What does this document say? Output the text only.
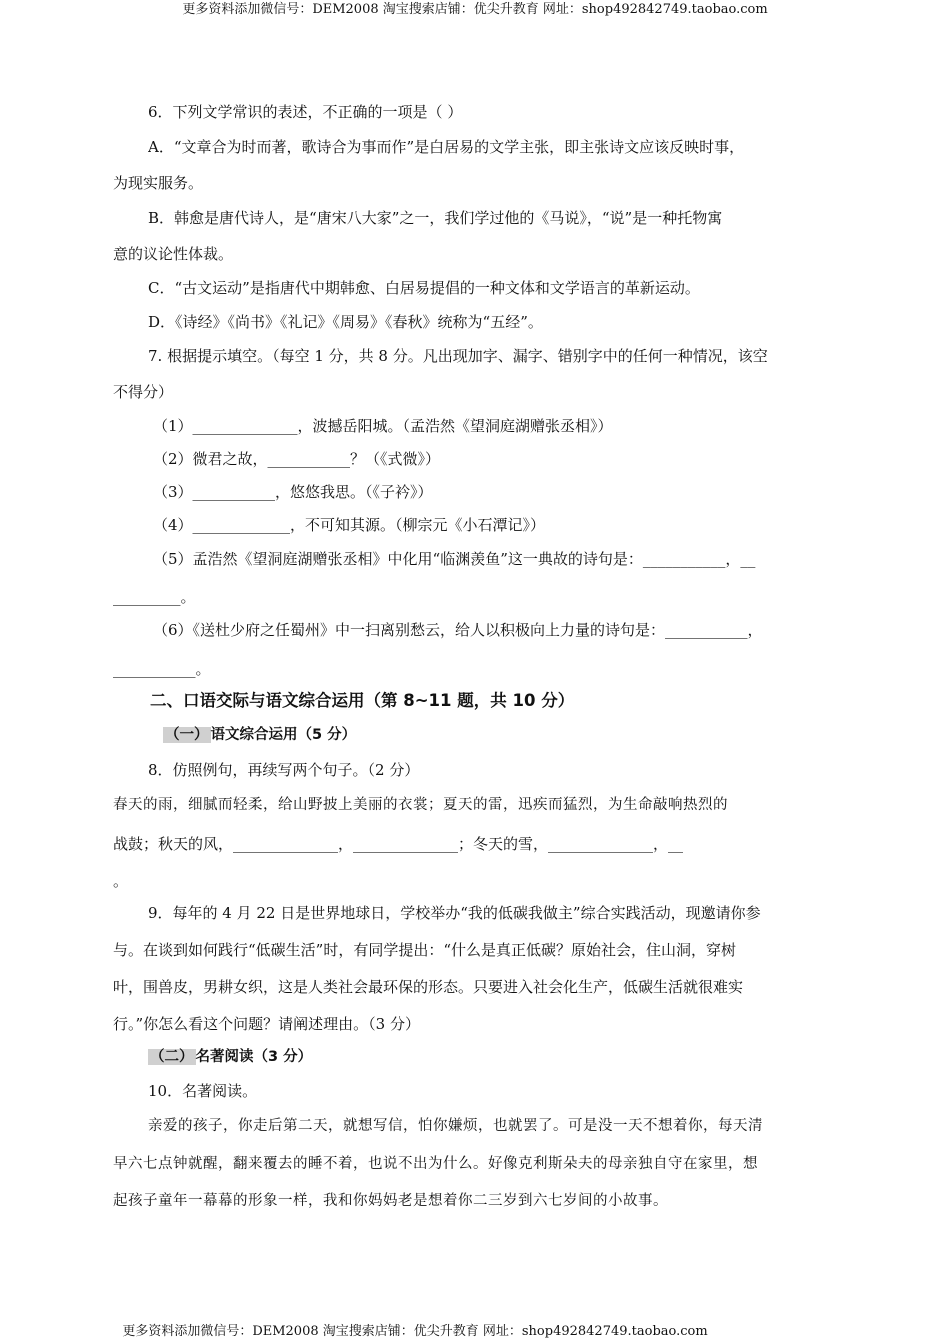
更多资料添加微信号：DEM2008 淘宝搜索店铺：优尖升教育 网址：shop492842749.taobao.com
6．下列文学常识的表述，不正确的一项是（ ）
A．“文章合为时而著，歌诗合为事而作”是白居易的文学主张，即主张诗文应该反映时事，
为现实服务。
B．韩愈是唐代诗人，是“唐宋八大家”之一，我们学过他的《马说》，“说”是一种托物寓
意的议论性体裁。
C．“古文运动”是指唐代中期韩愈、白居易提倡的一种文体和文学语言的革新运动。
D．《诗经》《尚书》《礼记》《周易》《春秋》统称为“五经”。
7. 根据提示填空。（每空 1 分，共 8 分。凡出现加字、漏字、错别字中的任何一种情况，该空
不得分）
（1）______________，波撼岳阳城。（孟浩然《望洞庭湖赠张丞相》）
（2）微君之故，___________？（《式微》）
（3）___________，悠悠我思。（《子衿》）
（4）_____________，不可知其源。（柳宗元《小石潭记》）
（5）孟浩然《望洞庭湖赠张丞相》中化用“临渊羡鱼”这一典故的诗句是：___________，__
_________。
（6）《送杜少府之任蜀州》中一扫离别愁云，给人以积极向上力量的诗句是：___________，
___________。
二、口语交际与语文综合运用（第 8~11 题，共 10 分）
（一） 语文综合运用（5 分）
8．仿照例句，再续写两个句子。（2 分）
春天的雨，细腻而轻柔，给山野披上美丽的衣裳；夏天的雷，迅疾而猛烈，为生命敲响热烈的
战鼓；秋天的风，______________，______________；冬天的雪，______________，__
。
9．每年的 4 月 22 日是世界地球日，学校举办“我的低碳我做主”综合实践活动，现邀请你参
与。在谈到如何践行“低碳生活”时，有同学提出：“什么是真正低碳？原始社会，住山洞，穿树
叶，围兽皮，男耕女织，这是人类社会最环保的形态。只要进入社会化生产，低碳生活就很难实
行。”你怎么看这个问题？请阐述理由。（3 分）
（二） 名著阅读（3 分）
10．名著阅读。
亲爱的孩子，你走后第二天，就想写信，怕你嫌烦，也就罢了。可是没一天不想着你，每天清
早六七点钟就醒，翻来覆去的睡不着，也说不出为什么。好像克利斯朵夫的母亲独自守在家里，想
起孩子童年一幕幕的形象一样，我和你妈妈老是想着你二三岁到六七岁间的小故事。
更多资料添加微信号：DEM2008 淘宝搜索店铺：优尖升教育 网址：shop492842749.taobao.com
